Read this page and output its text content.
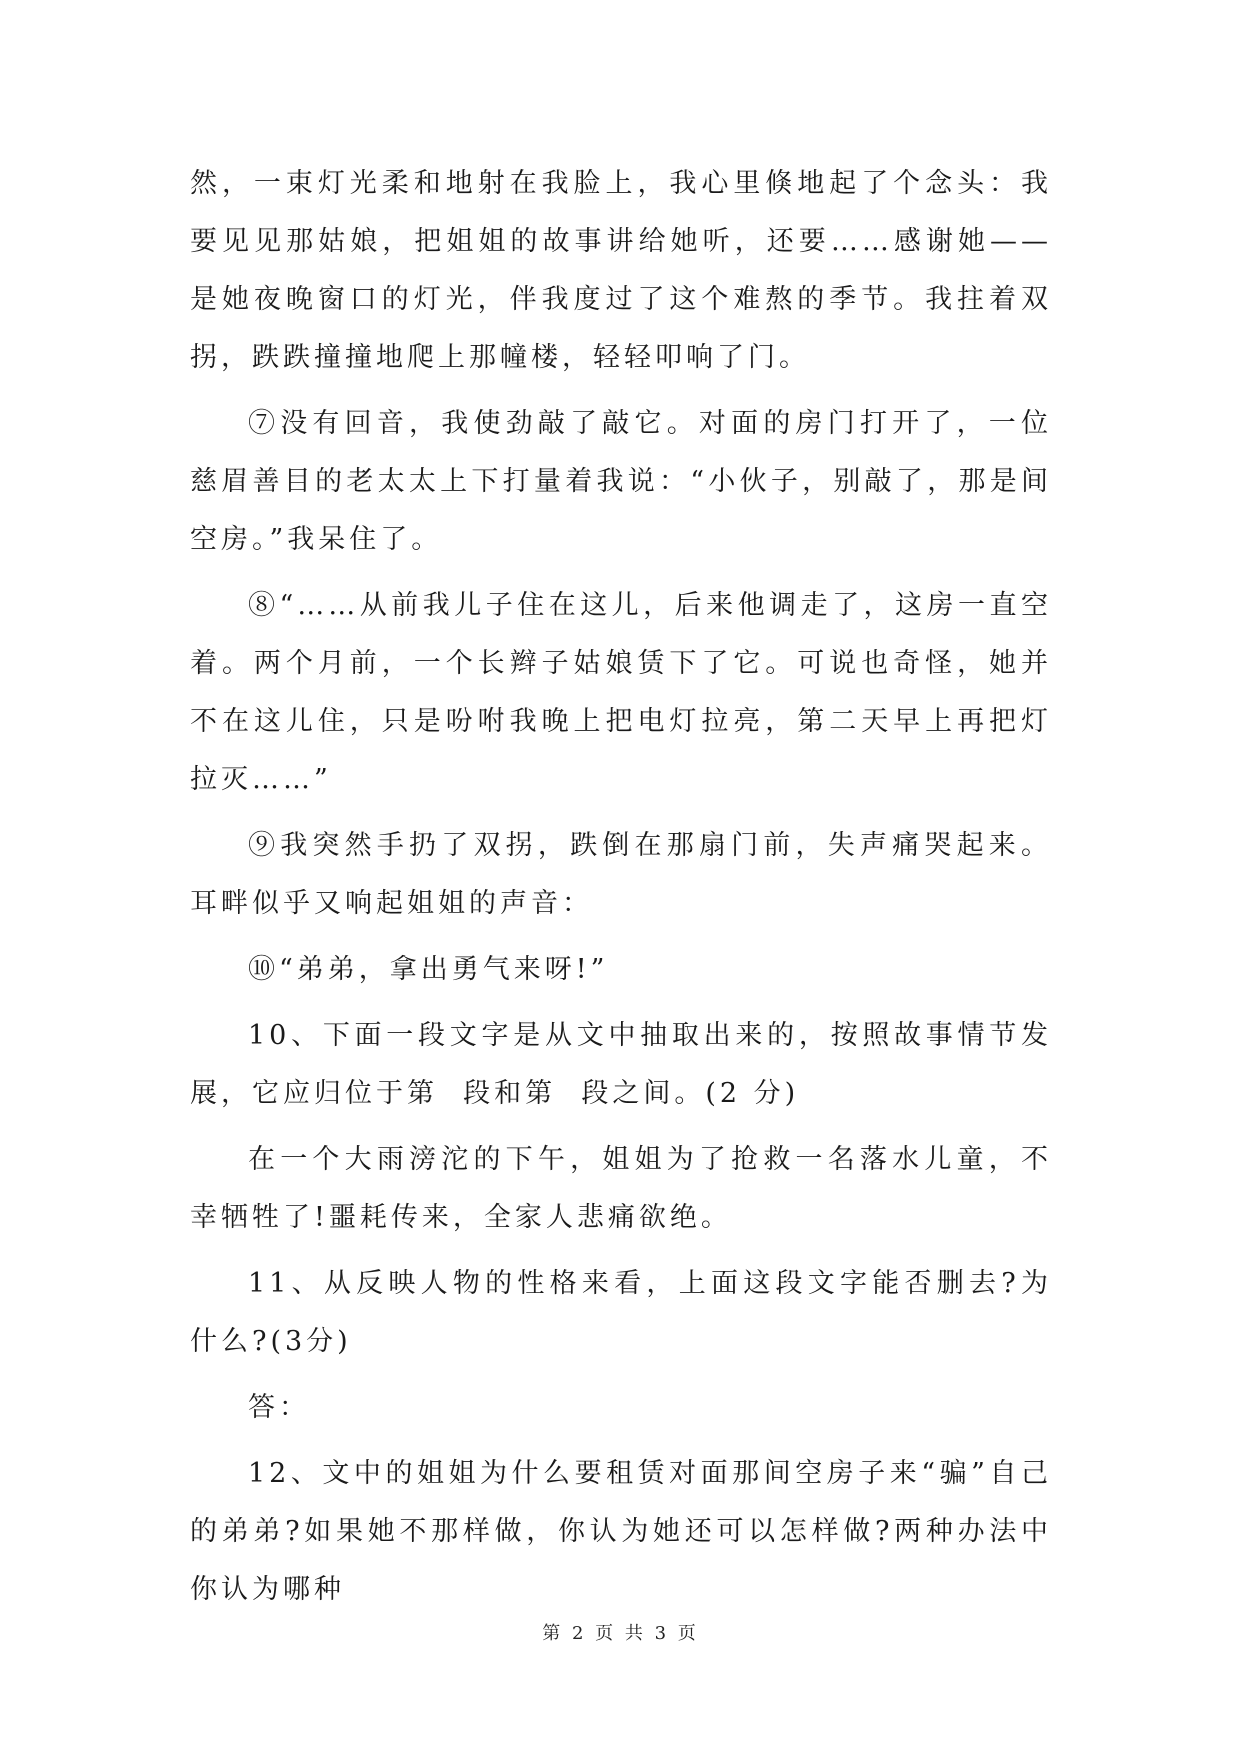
然，一束灯光柔和地射在我脸上，我心里倏地起了个念头：我要见见那姑娘，把姐姐的故事讲给她听，还要……感谢她——是她夜晚窗口的灯光，伴我度过了这个难熬的季节。我拄着双拐，跌跌撞撞地爬上那幢楼，轻轻叩响了门。

⑦没有回音，我使劲敲了敲它。对面的房门打开了，一位慈眉善目的老太太上下打量着我说：“小伙子，别敲了，那是间空房。”我呆住了。

⑧“……从前我儿子住在这儿，后来他调走了，这房一直空着。两个月前，一个长辫子姑娘赁下了它。可说也奇怪，她并不在这儿住，只是吩咐我晚上把电灯拉亮，第二天早上再把灯拉灭……”

⑨我突然手扔了双拐，跌倒在那扇门前，失声痛哭起来。耳畔似乎又响起姐姐的声音：

⑩“弟弟，拿出勇气来呀!”

10、下面一段文字是从文中抽取出来的，按照故事情节发展，它应归位于第  段和第  段之间。(2 分)

在一个大雨滂沱的下午，姐姐为了抢救一名落水儿童，不幸牺牲了!噩耗传来，全家人悲痛欲绝。

11、从反映人物的性格来看，上面这段文字能否删去?为什么?(3分)

答：

12、文中的姐姐为什么要租赁对面那间空房子来“骗”自己的弟弟?如果她不那样做，你认为她还可以怎样做?两种办法中你认为哪种

第 2 页 共 3 页
